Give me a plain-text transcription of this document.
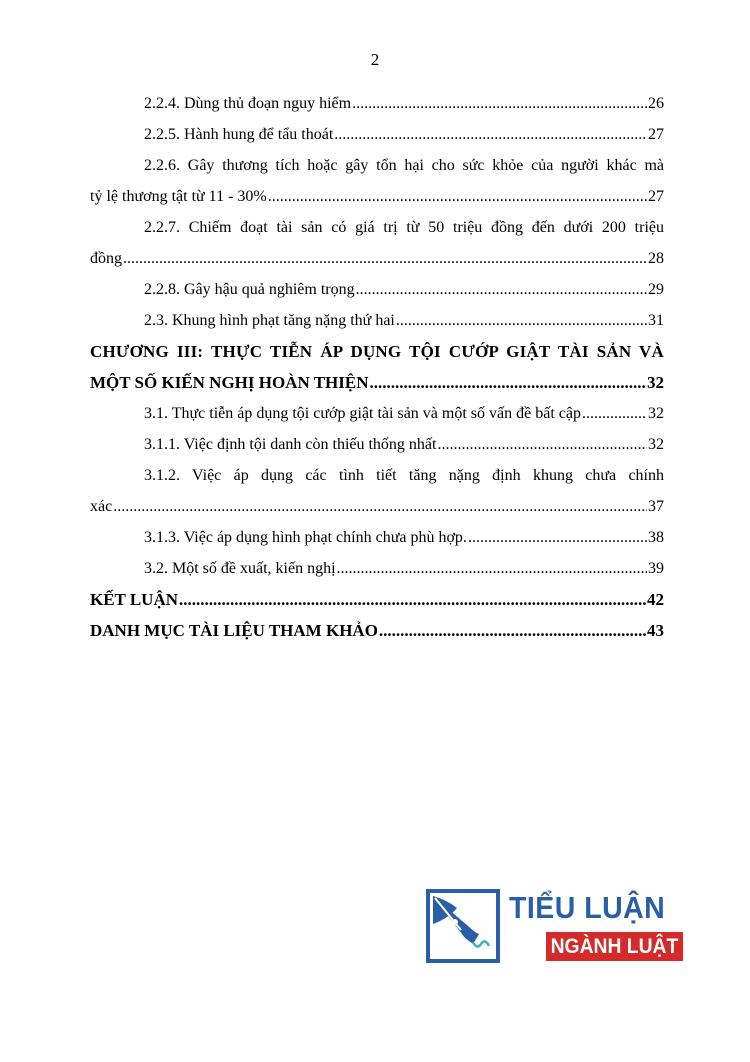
2
2.2.4. Dùng thủ đoạn nguy hiểm .....	26
2.2.5. Hành hung để tẩu thoát .....	27
2.2.6. Gây thương tích hoặc gây tổn hại cho sức khỏe của người khác mà
tỷ lệ thương tật từ 11 - 30% .....	27
2.2.7. Chiếm đoạt tài sản có giá trị từ 50 triệu đồng đến dưới 200 triệu
đồng .....	28
2.2.8. Gây hậu quả nghiêm trọng .....	29
2.3. Khung hình phạt tăng nặng thứ hai .....	31
CHƯƠNG III: THỰC TIỄN ÁP DỤNG TỘI CƯỚP GIẬT TÀI SẢN VÀ
MỘT SỐ KIẾN NGHỊ HOÀN THIỆN .....	32
3.1. Thực tiễn áp dụng tội cướp giật tài sản và một số vấn đề bất cập .....	32
3.1.1. Việc định tội danh còn thiếu thống nhất .....	32
3.1.2. Việc áp dụng các tình tiết tăng nặng định khung chưa chính
xác .....	37
3.1.3. Việc áp dụng hình phạt chính chưa phù hợp. .....	38
3.2. Một số đề xuất, kiến nghị .....	39
KẾT LUẬN .....	42
DANH MỤC TÀI LIỆU THAM KHẢO .....	43
TIỂU LUẬN
NGÀNH LUẬT
